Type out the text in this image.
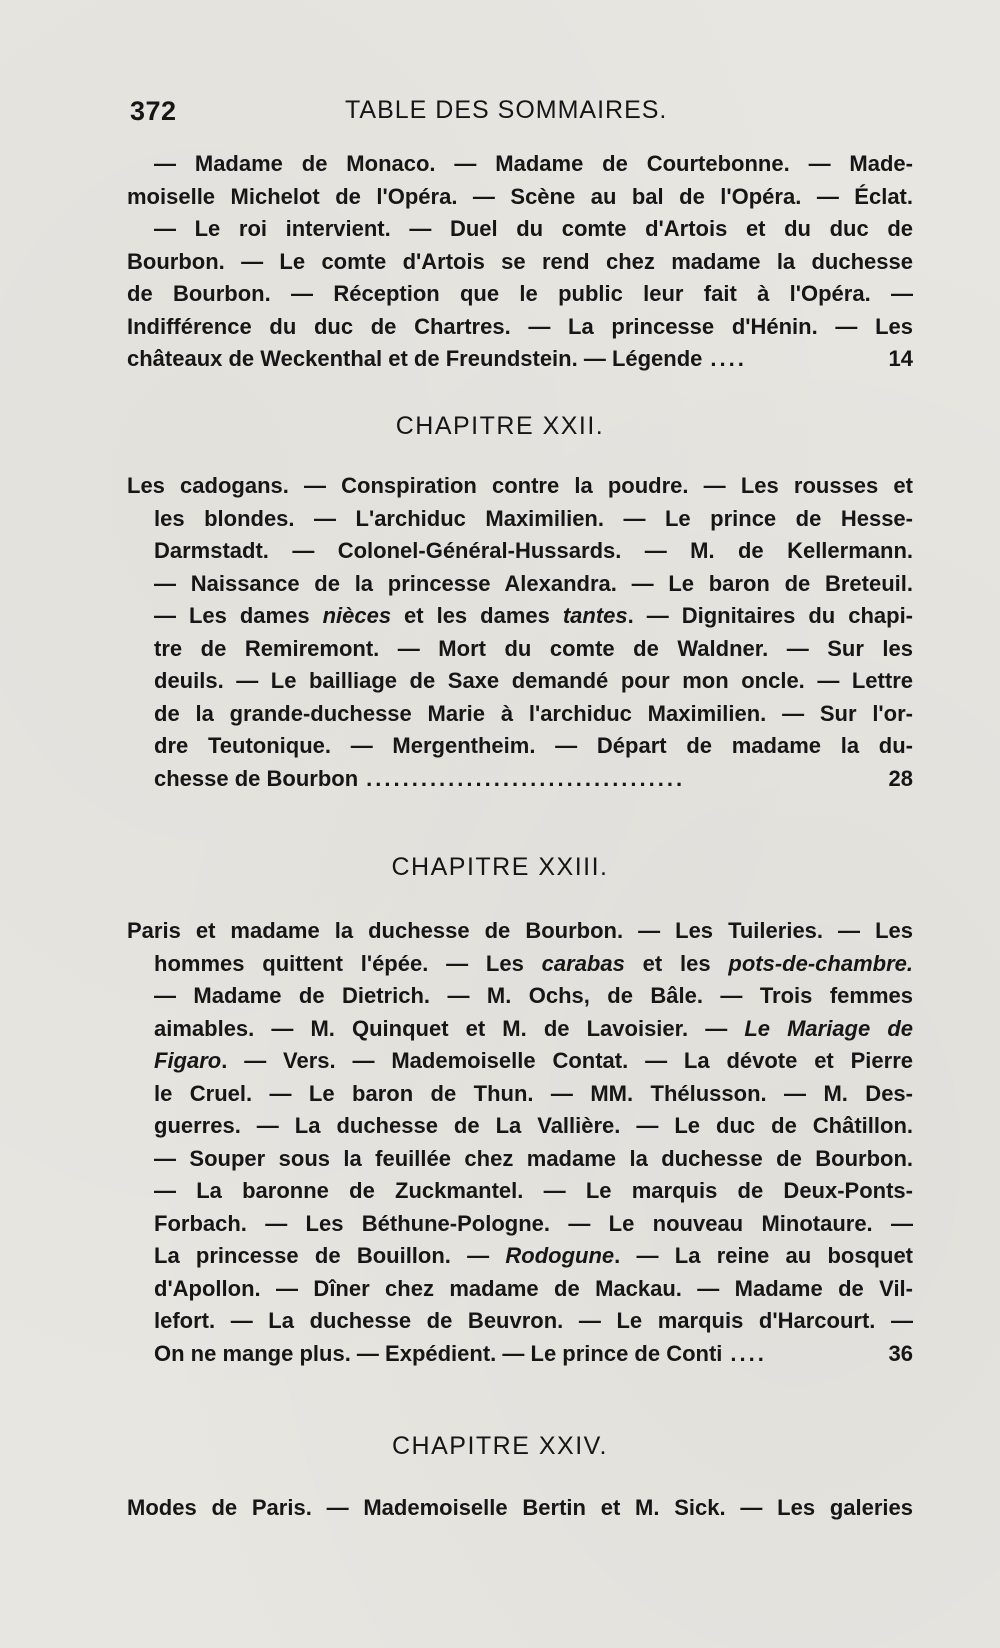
372	TABLE DES SOMMAIRES.
— Madame de Monaco. — Madame de Courtebonne. — Made-
moiselle Michelot de l'Opéra. — Scène au bal de l'Opéra. — Éclat.
— Le roi intervient. — Duel du comte d'Artois et du duc de
Bourbon. — Le comte d'Artois se rend chez madame la duchesse
de Bourbon. — Réception que le public leur fait à l'Opéra. —
Indifférence du duc de Chartres. — La princesse d'Hénin. — Les
châteaux de Weckenthal et de Freundstein. — Légende ....	14
CHAPITRE XXII.
Les cadogans. — Conspiration contre la poudre. — Les rousses et
les blondes. — L'archiduc Maximilien. — Le prince de Hesse-
Darmstadt. — Colonel-Général-Hussards. — M. de Kellermann.
— Naissance de la princesse Alexandra. — Le baron de Breteuil.
— Les dames nièces et les dames tantes. — Dignitaires du chapi-
tre de Remiremont. — Mort du comte de Waldner. — Sur les
deuils. — Le bailliage de Saxe demandé pour mon oncle. — Lettre
de la grande-duchesse Marie à l'archiduc Maximilien. — Sur l'or-
dre Teutonique. — Mergentheim. — Départ de madame la du-
chesse de Bourbon ...................................	28
CHAPITRE XXIII.
Paris et madame la duchesse de Bourbon. — Les Tuileries. — Les
hommes quittent l'épée. — Les carabas et les pots-de-chambre.
— Madame de Dietrich. — M. Ochs, de Bâle. — Trois femmes
aimables. — M. Quinquet et M. de Lavoisier. — Le Mariage de
Figaro. — Vers. — Mademoiselle Contat. — La dévote et Pierre
le Cruel. — Le baron de Thun. — MM. Thélusson. — M. Des-
guerres. — La duchesse de La Vallière. — Le duc de Châtillon.
— Souper sous la feuillée chez madame la duchesse de Bourbon.
— La baronne de Zuckmantel. — Le marquis de Deux-Ponts-
Forbach. — Les Béthune-Pologne. — Le nouveau Minotaure. —
La princesse de Bouillon. — Rodogune. — La reine au bosquet
d'Apollon. — Dîner chez madame de Mackau. — Madame de Vil-
lefort. — La duchesse de Beuvron. — Le marquis d'Harcourt. —
On ne mange plus. — Expédient. — Le prince de Conti ....	36
CHAPITRE XXIV.
Modes de Paris. — Mademoiselle Bertin et M. Sick. — Les galeries
